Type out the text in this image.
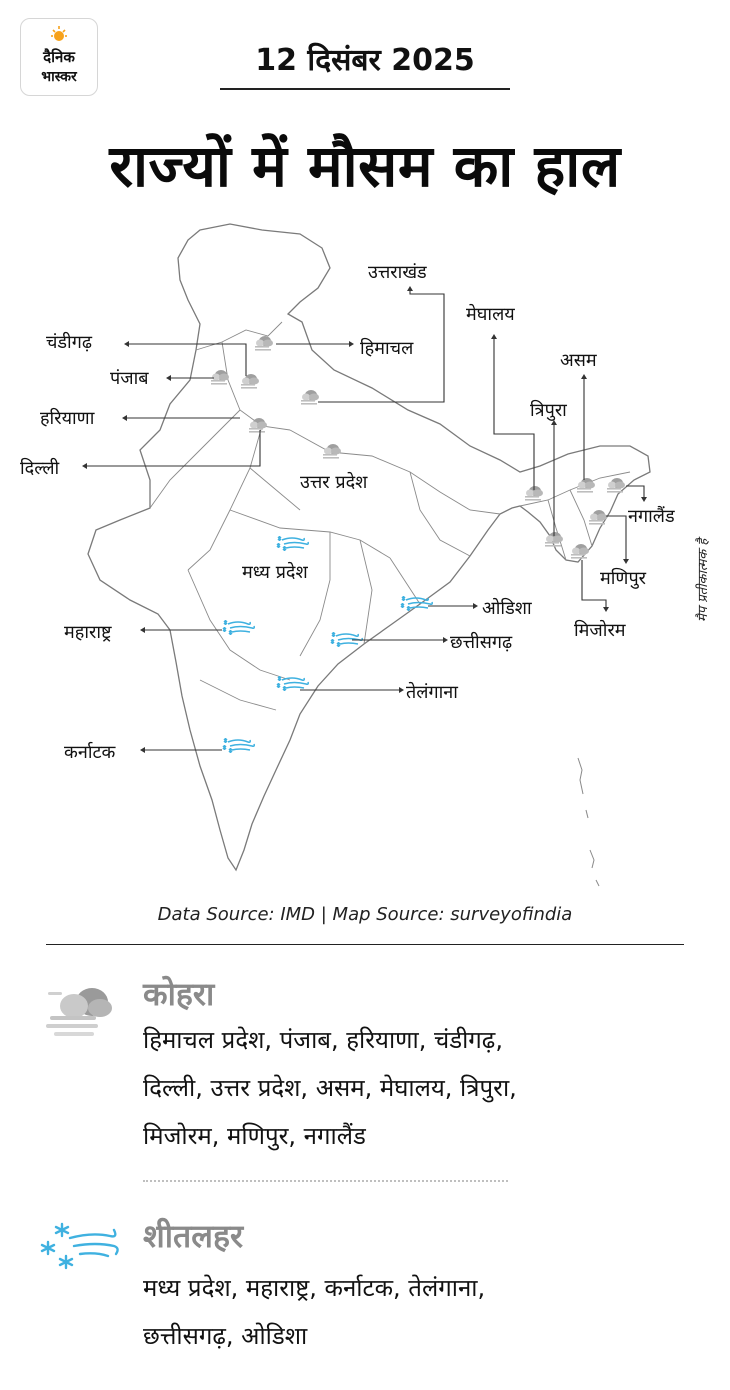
दैनिक
भास्कर	12 दिसंबर 2025
राज्यों में मौसम का हाल
उत्तराखंड
मेघालय
चंडीगढ़	हिमाचल
असम
पंजाब
त्रिपुरा
हरियाणा
दिल्ली
उत्तर प्रदेश
नगालैंड
मध्य प्रदेश	मणिपुर
ओडिशा
मिजोरम
महाराष्ट्र	छत्तीसगढ़
तेलंगाना
कर्नाटक
मैप प्रतीकात्मक है
Data Source: IMD | Map Source: surveyofindia
कोहरा
हिमाचल प्रदेश, पंजाब, हरियाणा, चंडीगढ़,
दिल्ली, उत्तर प्रदेश, असम, मेघालय, त्रिपुरा,
मिजोरम, मणिपुर, नगालैंड
शीतलहर
मध्य प्रदेश, महाराष्ट्र, कर्नाटक, तेलंगाना,
छत्तीसगढ़, ओडिशा
